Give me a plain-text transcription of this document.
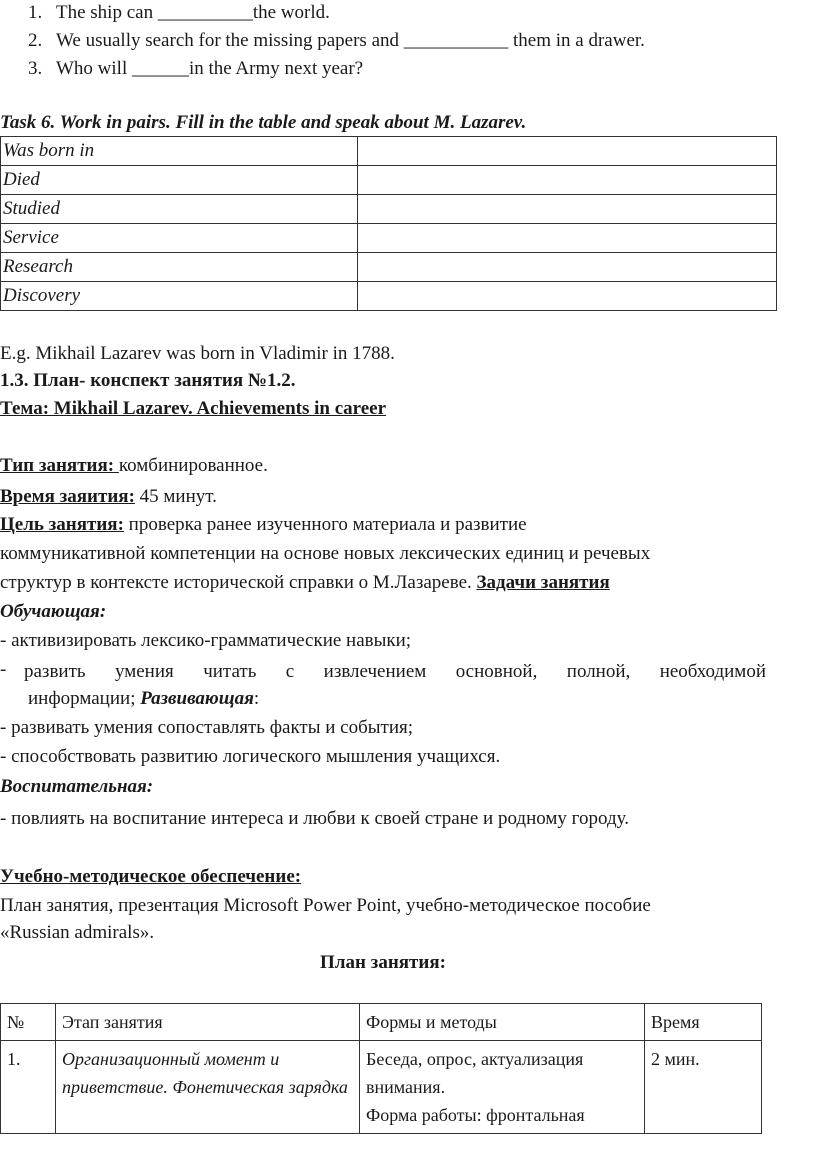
1. The ship can __________the world.
2. We usually search for the missing papers and ___________ them in a drawer.
3. Who will ______in the Army next year?
Task 6. Work in pairs. Fill in the table and speak about M. Lazarev.
Was born in	
Died	
Studied	
Service	
Research	
Discovery	
E.g. Mikhail Lazarev was born in Vladimir in 1788.
1.3. План- конспект занятия №1.2.
Тема: Mikhail Lazarev. Achievements in career
Тип занятия: комбинированное.
Время заяития: 45 минут.
Цель занятия: проверка ранее изученного материала и развитие
коммуникативной компетенции на основе новых лексических единиц и речевых
структур в контексте исторической справки о М.Лазареве. Задачи занятия
Обучающая:
- активизировать лексико-грамматические навыки;
- развить умения читать с извлечением основной, полной, необходимой
информации; Развивающая:
- развивать умения сопоставлять факты и события;
- способствовать развитию логического мышления учащихся.
Воспитательная:
- повлиять на воспитание интереса и любви к своей стране и родному городу.
Учебно-методическое обеспечение:
План занятия, презентация Microsoft Power Point, учебно-методическое пособие
«Russian admirals».
План занятия:
№	Этап занятия	Формы и методы	Время
1.	Организационный момент и приветствие. Фонетическая зарядка	Беседа, опрос, актуализация внимания.
Форма работы: фронтальная	2 мин.
